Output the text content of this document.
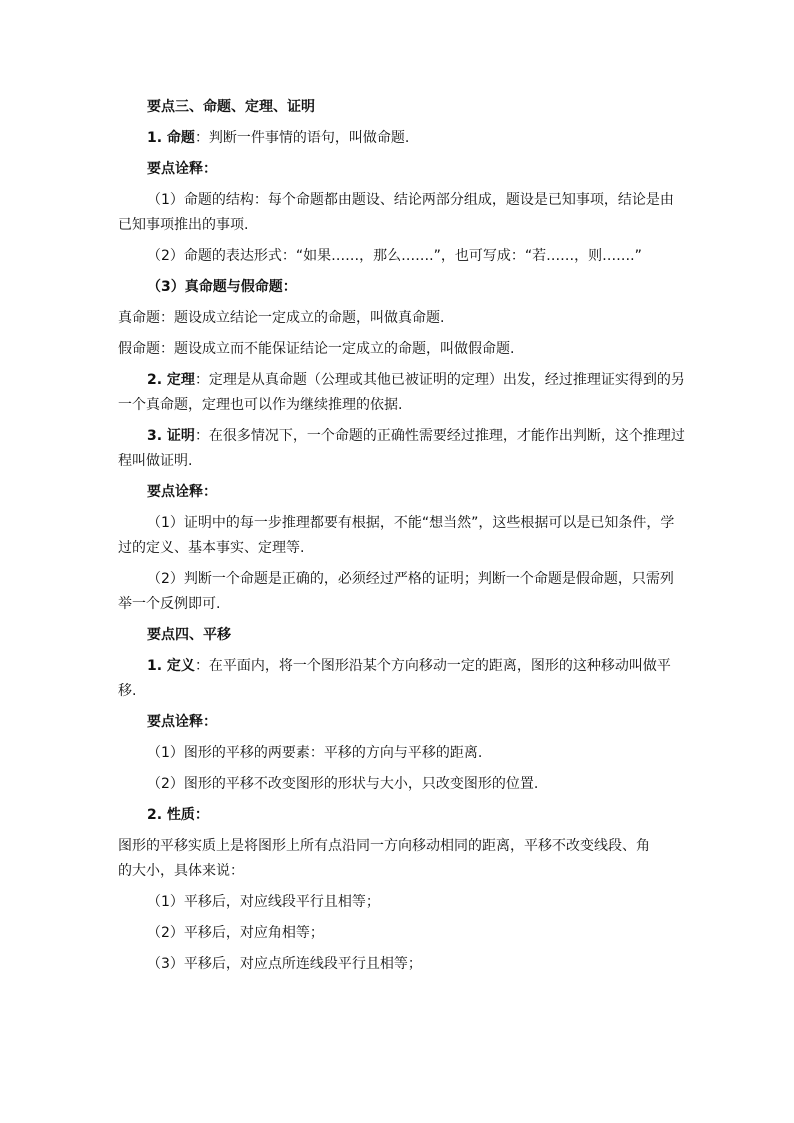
要点三、命题、定理、证明

1. 命题：判断一件事情的语句，叫做命题.

要点诠释：

（1）命题的结构：每个命题都由题设、结论两部分组成，题设是已知事项，结论是由

已知事项推出的事项.

（2）命题的表达形式：“如果……，那么…….”，也可写成：“若……，则…….”

（3）真命题与假命题：

真命题：题设成立结论一定成立的命题，叫做真命题.

假命题：题设成立而不能保证结论一定成立的命题，叫做假命题.

2. 定理：定理是从真命题（公理或其他已被证明的定理）出发，经过推理证实得到的另

一个真命题，定理也可以作为继续推理的依据.

3. 证明：在很多情况下，一个命题的正确性需要经过推理，才能作出判断，这个推理过

程叫做证明.

要点诠释：

（1）证明中的每一步推理都要有根据，不能“想当然”，这些根据可以是已知条件，学

过的定义、基本事实、定理等.

（2）判断一个命题是正确的，必须经过严格的证明；判断一个命题是假命题，只需列

举一个反例即可.

要点四、平移

1. 定义：在平面内，将一个图形沿某个方向移动一定的距离，图形的这种移动叫做平

移.

要点诠释：

（1）图形的平移的两要素：平移的方向与平移的距离.

（2）图形的平移不改变图形的形状与大小，只改变图形的位置.

2. 性质：

图形的平移实质上是将图形上所有点沿同一方向移动相同的距离，平移不改变线段、角

的大小，具体来说：

（1）平移后，对应线段平行且相等；

（2）平移后，对应角相等；

（3）平移后，对应点所连线段平行且相等；
